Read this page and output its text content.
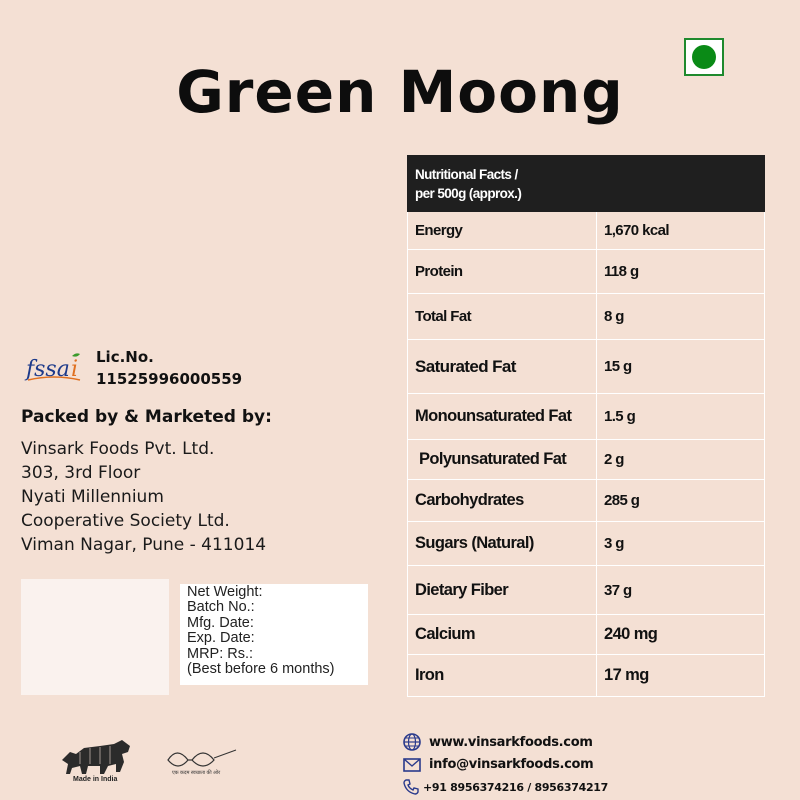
Green Moong
Nutritional Facts /
per 500g (approx.)	

Energy	1,670 kcal
Protein	118 g
Total Fat	8 g
Saturated Fat	15 g
Monounsaturated Fat	1.5 g
Polyunsaturated Fat	2 g
Carbohydrates	285 g
Sugars (Natural)	3 g
Dietary Fiber	37 g
Calcium	240 mg
Iron	17 mg
fssa i Lic.No.
11525996000559
Packed by & Marketed by:
Vinsark Foods Pvt. Ltd.
303, 3rd Floor
Nyati Millennium
Cooperative Society Ltd.
Viman Nagar, Pune - 411014
Net Weight:
Batch No.:
Mfg. Date:
Exp. Date:
MRP: Rs.:
(Best before 6 months)
Made in India
एक कदम स्वच्छता की ओर
www.vinsarkfoods.com
info@vinsarkfoods.com
+91 8956374216 / 8956374217
